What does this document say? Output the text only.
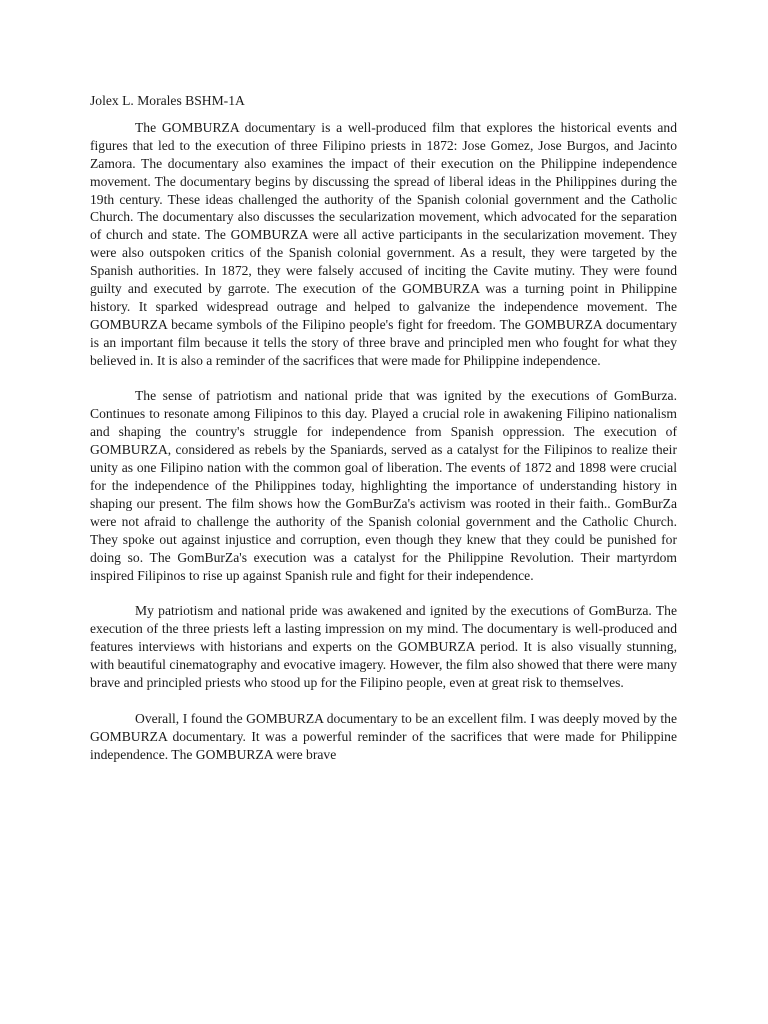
Jolex L. Morales BSHM-1A

The GOMBURZA documentary is a well-produced film that explores the historical events and figures that led to the execution of three Filipino priests in 1872: Jose Gomez, Jose Burgos, and Jacinto Zamora. The documentary also examines the impact of their execution on the Philippine independence movement. The documentary begins by discussing the spread of liberal ideas in the Philippines during the 19th century. These ideas challenged the authority of the Spanish colonial government and the Catholic Church. The documentary also discusses the secularization movement, which advocated for the separation of church and state. The GOMBURZA were all active participants in the secularization movement. They were also outspoken critics of the Spanish colonial government. As a result, they were targeted by the Spanish authorities. In 1872, they were falsely accused of inciting the Cavite mutiny. They were found guilty and executed by garrote. The execution of the GOMBURZA was a turning point in Philippine history. It sparked widespread outrage and helped to galvanize the independence movement. The GOMBURZA became symbols of the Filipino people's fight for freedom. The GOMBURZA documentary is an important film because it tells the story of three brave and principled men who fought for what they believed in. It is also a reminder of the sacrifices that were made for Philippine independence.

The sense of patriotism and national pride that was ignited by the executions of GomBurza. Continues to resonate among Filipinos to this day. Played a crucial role in awakening Filipino nationalism and shaping the country's struggle for independence from Spanish oppression. The execution of GOMBURZA, considered as rebels by the Spaniards, served as a catalyst for the Filipinos to realize their unity as one Filipino nation with the common goal of liberation. The events of 1872 and 1898 were crucial for the independence of the Philippines today, highlighting the importance of understanding history in shaping our present. The film shows how the GomBurZa's activism was rooted in their faith.. GomBurZa were not afraid to challenge the authority of the Spanish colonial government and the Catholic Church. They spoke out against injustice and corruption, even though they knew that they could be punished for doing so. The GomBurZa's execution was a catalyst for the Philippine Revolution. Their martyrdom inspired Filipinos to rise up against Spanish rule and fight for their independence.

My patriotism and national pride was awakened and ignited by the executions of GomBurza. The execution of the three priests left a lasting impression on my mind. The documentary is well-produced and features interviews with historians and experts on the GOMBURZA period. It is also visually stunning, with beautiful cinematography and evocative imagery. However, the film also showed that there were many brave and principled priests who stood up for the Filipino people, even at great risk to themselves.

Overall, I found the GOMBURZA documentary to be an excellent film. I was deeply moved by the GOMBURZA documentary. It was a powerful reminder of the sacrifices that were made for Philippine independence. The GOMBURZA were brave
